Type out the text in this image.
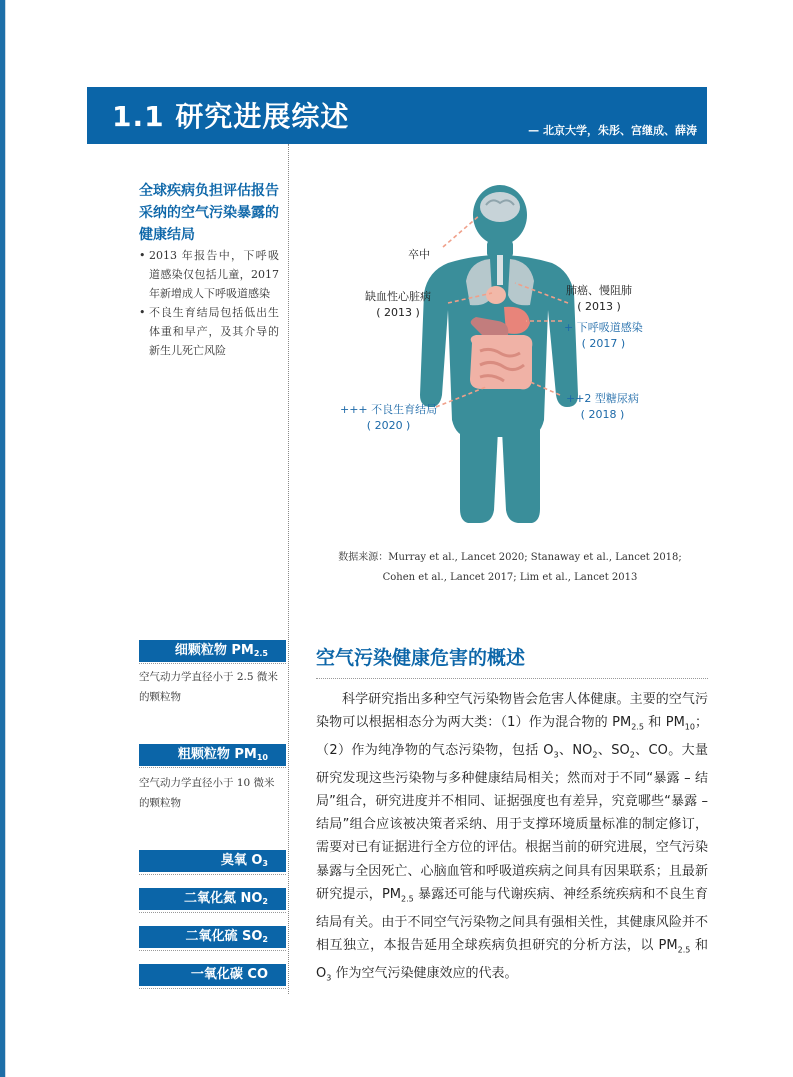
1.1 研究进展综述	— 北京大学，朱彤、宫继成、薛涛
全球疾病负担评估报告采纳的空气污染暴露的健康结局
• 2013 年报告中，下呼吸道感染仅包括儿童，2017 年新增成人下呼吸道感染
• 不良生育结局包括低出生体重和早产，及其介导的新生儿死亡风险
卒中
缺血性心脏病
( 2013 )
肺癌、慢阻肺
( 2013 )
+ 下呼吸道感染
( 2017 )
++2 型糖尿病
( 2018 )
+++ 不良生育结局
( 2020 )
数据来源：Murray et al., Lancet 2020; Stanaway et al., Lancet 2018;
Cohen et al., Lancet 2017; Lim et al., Lancet 2013
细颗粒物 $PM_{2.5}$
空气动力学直径小于 2.5 微米的颗粒物
粗颗粒物 $PM_{10}$
空气动力学直径小于 10 微米的颗粒物
臭氧 $O_3$
二氧化氮 $NO_2$
二氧化硫 $SO_2$
一氧化碳 CO
空气污染健康危害的概述

科学研究指出多种空气污染物皆会危害人体健康。主要的空气污染物可以根据相态分为两大类：（1）作为混合物的 $PM_{2.5}$ 和 $PM_{10}$；（2）作为纯净物的气态污染物，包括 $O_3$、$NO_2$、$SO_2$、CO。大量研究发现这些污染物与多种健康结局相关；然而对于不同“暴露 – 结局”组合，研究进度并不相同、证据强度也有差异，究竟哪些“暴露 – 结局”组合应该被决策者采纳、用于支撑环境质量标准的制定修订，需要对已有证据进行全方位的评估。根据当前的研究进展，空气污染暴露与全因死亡、心脑血管和呼吸道疾病之间具有因果联系；且最新研究提示，$PM_{2.5}$ 暴露还可能与代谢疾病、神经系统疾病和不良生育结局有关。由于不同空气污染物之间具有强相关性，其健康风险并不相互独立，本报告延用全球疾病负担研究的分析方法，以 $PM_{2.5}$ 和 $O_3$ 作为空气污染健康效应的代表。
